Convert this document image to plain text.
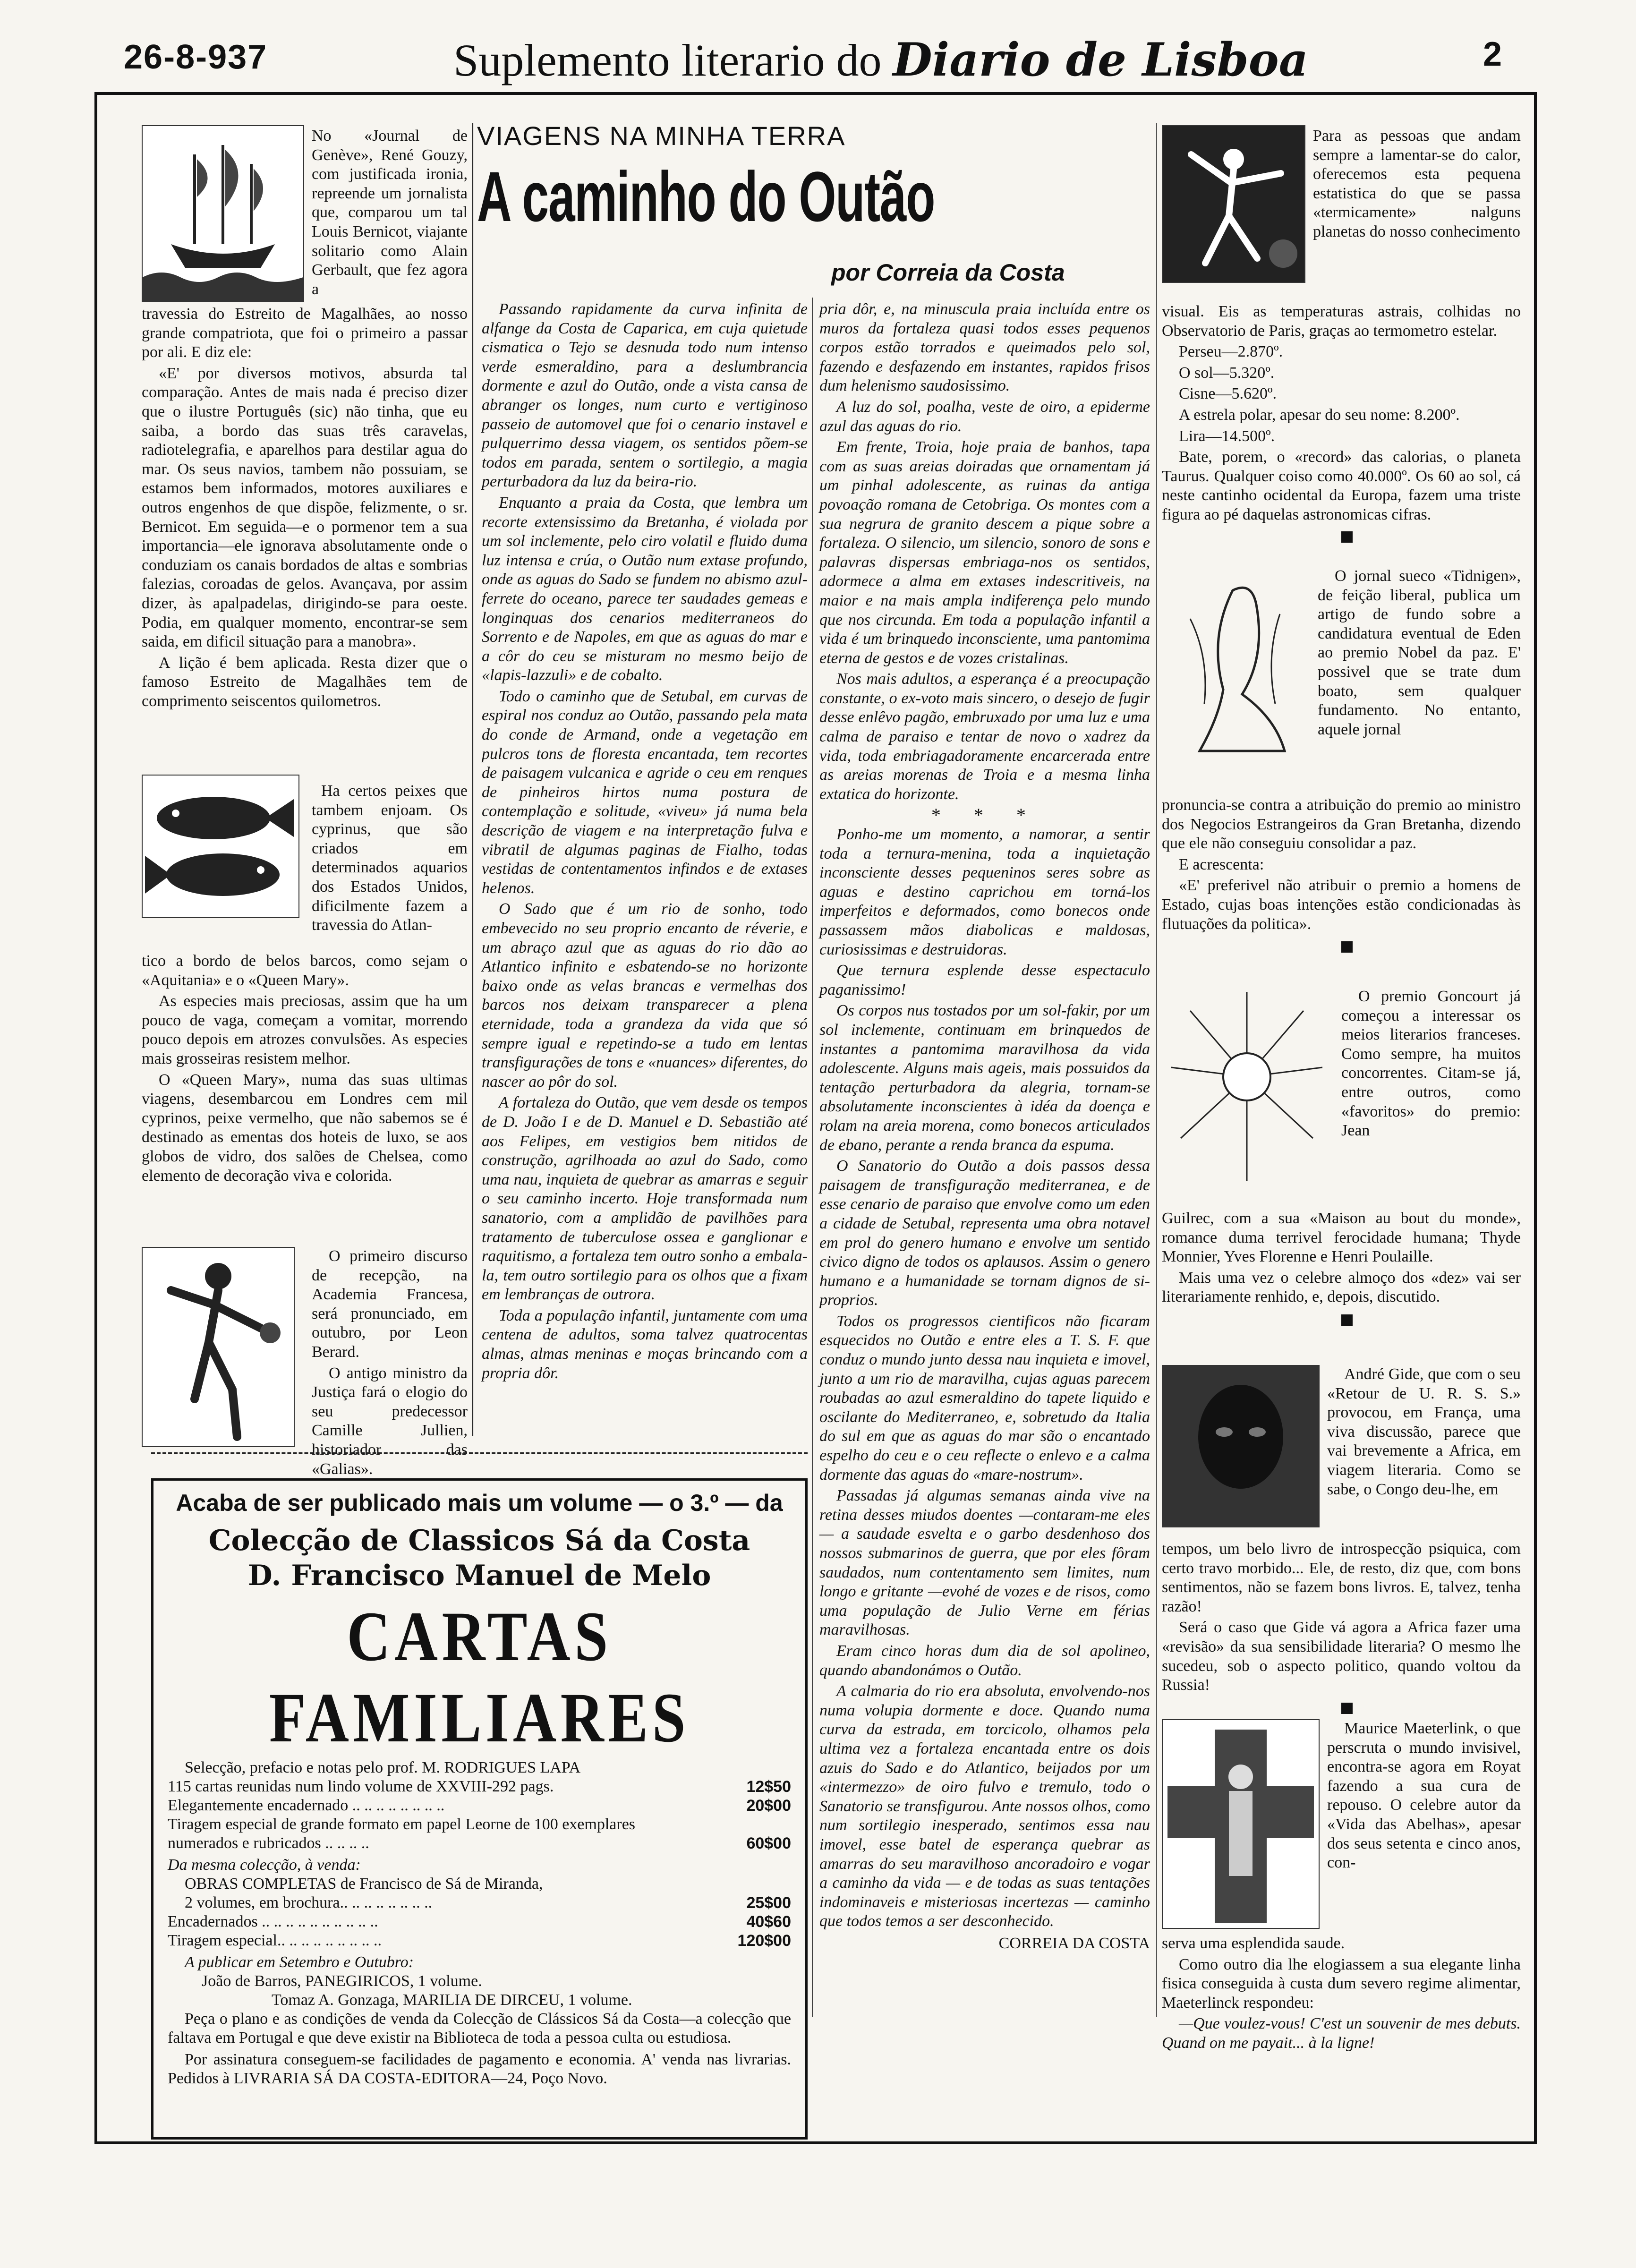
26-8-937	Suplemento literario do Diario de Lisboa	2

No «Journal de Genève», René Gouzy, com justificada ironia, repreende um jornalista que, comparou um tal Louis Bernicot, viajante solitario como Alain Gerbault, que fez agora a

travessia do Estreito de Magalhães, ao nosso grande compatriota, que foi o primeiro a passar por ali. E diz ele:

«E' por diversos motivos, absurda tal comparação. Antes de mais nada é preciso dizer que o ilustre Português (sic) não tinha, que eu saiba, a bordo das suas três caravelas, radiotelegrafia, e aparelhos para destilar agua do mar. Os seus navios, tambem não possuiam, se estamos bem informados, motores auxiliares e outros engenhos de que dispõe, felizmente, o sr. Bernicot. Em seguida—e o pormenor tem a sua importancia—ele ignorava absolutamente onde o conduziam os canais bordados de altas e sombrias falezias, coroadas de gelos. Avançava, por assim dizer, às apalpadelas, dirigindo-se para oeste. Podia, em qualquer momento, encontrar-se sem saida, em dificil situação para a manobra».

A lição é bem aplicada. Resta dizer que o famoso Estreito de Magalhães tem de comprimento seiscentos quilometros.

Ha certos peixes que tambem enjoam. Os cyprinus, que são criados em determinados aquarios dos Estados Unidos, dificilmente fazem a travessia do Atlan-

tico a bordo de belos barcos, como sejam o «Aquitania» e o «Queen Mary».

As especies mais preciosas, assim que ha um pouco de vaga, começam a vomitar, morrendo pouco depois em atrozes convulsões. As especies mais grosseiras resistem melhor.

O «Queen Mary», numa das suas ultimas viagens, desembarcou em Londres cem mil cyprinos, peixe vermelho, que não sabemos se é destinado as ementas dos hoteis de luxo, se aos globos de vidro, dos salões de Chelsea, como elemento de decoração viva e colorida.

O primeiro discurso de recepção, na Academia Francesa, será pronunciado, em outubro, por Leon Berard.

O antigo ministro da Justiça fará o elogio do seu predecessor Camille Jullien, historiador das «Galias».

VIAGENS NA MINHA TERRA
A caminho do Outão
por Correia da Costa

Passando rapidamente da curva infinita de alfange da Costa de Caparica, em cuja quietude cismatica o Tejo se desnuda todo num intenso verde esmeraldino, para a deslumbrancia dormente e azul do Outão, onde a vista cansa de abranger os longes, num curto e vertiginoso passeio de automovel que foi o cenario instavel e pulquerrimo dessa viagem, os sentidos põem-se todos em parada, sentem o sortilegio, a magia perturbadora da luz da beira-rio.

Enquanto a praia da Costa, que lembra um recorte extensissimo da Bretanha, é violada por um sol inclemente, pelo ciro volatil e fluido duma luz intensa e crúa, o Outão num extase profundo, onde as aguas do Sado se fundem no abismo azul-ferrete do oceano, parece ter saudades gemeas e longinquas dos cenarios mediterraneos do Sorrento e de Napoles, em que as aguas do mar e a côr do ceu se misturam no mesmo beijo de «lapis-lazzuli» e de cobalto.

Todo o caminho que de Setubal, em curvas de espiral nos conduz ao Outão, passando pela mata do conde de Armand, onde a vegetação em pulcros tons de floresta encantada, tem recortes de paisagem vulcanica e agride o ceu em renques de pinheiros hirtos numa postura de contemplação e solitude, «viveu» já numa bela descrição de viagem e na interpretação fulva e vibratil de algumas paginas de Fialho, todas vestidas de contentamentos infindos e de extases helenos.

O Sado que é um rio de sonho, todo embevecido no seu proprio encanto de réverie, e um abraço azul que as aguas do rio dão ao Atlantico infinito e esbatendo-se no horizonte baixo onde as velas brancas e vermelhas dos barcos nos deixam transparecer a plena eternidade, toda a grandeza da vida que só sempre igual e repetindo-se a tudo em lentas transfigurações de tons e «nuances» diferentes, do nascer ao pôr do sol.

A fortaleza do Outão, que vem desde os tempos de D. João I e de D. Manuel e D. Sebastião até aos Felipes, em vestigios bem nitidos de construção, agrilhoada ao azul do Sado, como uma nau, inquieta de quebrar as amarras e seguir o seu caminho incerto. Hoje transformada num sanatorio, com a amplidão de pavilhões para tratamento de tuberculose ossea e ganglionar e raquitismo, a fortaleza tem outro sonho a embala-la, tem outro sortilegio para os olhos que a fixam em lembranças de outrora.

Toda a população infantil, juntamente com uma centena de adultos, soma talvez quatrocentas almas, almas meninas e moças brincando com a propria dôr.

pria dôr, e, na minuscula praia incluída entre os muros da fortaleza quasi todos esses pequenos corpos estão torrados e queimados pelo sol, fazendo e desfazendo em instantes, rapidos frisos dum helenismo saudosissimo.

A luz do sol, poalha, veste de oiro, a epiderme azul das aguas do rio.

Em frente, Troia, hoje praia de banhos, tapa com as suas areias doiradas que ornamentam já um pinhal adolescente, as ruinas da antiga povoação romana de Cetobriga. Os montes com a sua negrura de granito descem a pique sobre a fortaleza. O silencio, um silencio, sonoro de sons e palavras dispersas embriaga-nos os sentidos, adormece a alma em extases indescritiveis, na maior e na mais ampla indiferença pelo mundo que nos circunda. Em toda a população infantil a vida é um brinquedo inconsciente, uma pantomima eterna de gestos e de vozes cristalinas.

Nos mais adultos, a esperança é a preocupação constante, o ex-voto mais sincero, o desejo de fugir desse enlêvo pagão, embruxado por uma luz e uma calma de paraiso e tentar de novo o xadrez da vida, toda embriagadoramente encarcerada entre as areias morenas de Troia e a mesma linha extatica do horizonte.

* * *

Ponho-me um momento, a namorar, a sentir toda a ternura-menina, toda a inquietação inconsciente desses pequeninos seres sobre as aguas e destino caprichou em torná-los imperfeitos e deformados, como bonecos onde passassem mãos diabolicas e maldosas, curiosissimas e destruidoras.

Que ternura esplende desse espectaculo paganissimo!

Os corpos nus tostados por um sol-fakir, por um sol inclemente, continuam em brinquedos de instantes a pantomima maravilhosa da vida adolescente. Alguns mais ageis, mais possuidos da tentação perturbadora da alegria, tornam-se absolutamente inconscientes à idéa da doença e rolam na areia morena, como bonecos articulados de ebano, perante a renda branca da espuma.

O Sanatorio do Outão a dois passos dessa paisagem de transfiguração mediterranea, e de esse cenario de paraiso que envolve como um eden a cidade de Setubal, representa uma obra notavel em prol do genero humano e envolve um sentido civico digno de todos os aplausos. Assim o genero humano e a humanidade se tornam dignos de si-proprios.

Todos os progressos cientificos não ficaram esquecidos no Outão e entre eles a T. S. F. que conduz o mundo junto dessa nau inquieta e imovel, junto a um rio de maravilha, cujas aguas parecem roubadas ao azul esmeraldino do tapete liquido e oscilante do Mediterraneo, e, sobretudo da Italia do sul em que as aguas do mar são o encantado espelho do ceu e o ceu reflecte o enlevo e a calma dormente das aguas do «mare-nostrum».

Passadas já algumas semanas ainda vive na retina desses miudos doentes —contaram-me eles— a saudade esvelta e o garbo desdenhoso dos nossos submarinos de guerra, que por eles fôram saudados, num contentamento sem limites, num longo e gritante —evohé de vozes e de risos, como uma população de Julio Verne em férias maravilhosas.

Eram cinco horas dum dia de sol apolineo, quando abandonámos o Outão.

A calmaria do rio era absoluta, envolvendo-nos numa volupia dormente e doce. Quando numa curva da estrada, em torcicolo, olhamos pela ultima vez a fortaleza encantada entre os dois azuis do Sado e do Atlantico, beijados por um «intermezzo» de oiro fulvo e tremulo, todo o Sanatorio se transfigurou. Ante nossos olhos, como num sortilegio inesperado, sentimos essa nau imovel, esse batel de esperança quebrar as amarras do seu maravilhoso ancoradoiro e vogar a caminho da vida — e de todas as suas tentações indominaveis e misteriosas incertezas — caminho que todos temos a ser desconhecido.

CORREIA DA COSTA

Para as pessoas que andam sempre a lamentar-se do calor, oferecemos esta pequena estatistica do que se passa «termicamente» nalguns planetas do nosso conhecimento

visual. Eis as temperaturas astrais, colhidas no Observatorio de Paris, graças ao termometro estelar.

Perseu—2.870º.

O sol—5.320º.

Cisne—5.620º.

A estrela polar, apesar do seu nome: 8.200º.

Lira—14.500º.

Bate, porem, o «record» das calorias, o planeta Taurus. Qualquer coiso como 40.000º. Os 60 ao sol, cá neste cantinho ocidental da Europa, fazem uma triste figura ao pé daquelas astronomicas cifras.

O jornal sueco «Tidnigen», de feição liberal, publica um artigo de fundo sobre a candidatura eventual de Eden ao premio Nobel da paz. E' possivel que se trate dum boato, sem qualquer fundamento. No entanto, aquele jornal

pronuncia-se contra a atribuição do premio ao ministro dos Negocios Estrangeiros da Gran Bretanha, dizendo que ele não conseguiu consolidar a paz.

E acrescenta:

«E' preferivel não atribuir o premio a homens de Estado, cujas boas intenções estão condicionadas às flutuações da politica».

O premio Goncourt já começou a interessar os meios literarios franceses. Como sempre, ha muitos concorrentes. Citam-se já, entre outros, como «favoritos» do premio: Jean

Guilrec, com a sua «Maison au bout du monde», romance duma terrivel ferocidade humana; Thyde Monnier, Yves Florenne e Henri Poulaille.

Mais uma vez o celebre almoço dos «dez» vai ser literariamente renhido, e, depois, discutido.

André Gide, que com o seu «Retour de U. R. S. S.» provocou, em França, uma viva discussão, parece que vai brevemente a Africa, em viagem literaria. Como se sabe, o Congo deu-lhe, em

tempos, um belo livro de introspecção psiquica, com certo travo morbido... Ele, de resto, diz que, com bons sentimentos, não se fazem bons livros. E, talvez, tenha razão!

Será o caso que Gide vá agora a Africa fazer uma «revisão» da sua sensibilidade literaria? O mesmo lhe sucedeu, sob o aspecto politico, quando voltou da Russia!

Maurice Maeterlink, o que perscruta o mundo invisivel, encontra-se agora em Royat fazendo a sua cura de repouso. O celebre autor da «Vida das Abelhas», apesar dos seus setenta e cinco anos, con-

serva uma esplendida saude.

Como outro dia lhe elogiassem a sua elegante linha fisica conseguida à custa dum severo regime alimentar, Maeterlinck respondeu:

—Que voulez-vous! C'est un souvenir de mes debuts. Quand on me payait... à la ligne!

Acaba de ser publicado mais um volume — o 3.º — da
Colecção de Classicos Sá da Costa
D. Francisco Manuel de Melo
CARTAS FAMILIARES
Selecção, prefacio e notas pelo prof. M. RODRIGUES LAPA
115 cartas reunidas num lindo volume de XXVIII-292 pags.	12$50
Elegantemente encadernado .. .. .. .. .. .. .. ..	20$00
Tiragem especial de grande formato em papel Leorne de 100 exemplares numerados e rubricados .. .. .. ..	60$00
Da mesma colecção, à venda:
OBRAS COMPLETAS de Francisco de Sá de Miranda,
2 volumes, em brochura.. .. .. .. .. .. .. ..	25$00
Encadernados .. .. .. .. .. .. .. .. .. ..	40$60
Tiragem especial.. .. .. .. .. .. .. .. ..	120$00
A publicar em Setembro e Outubro:
João de Barros, PANEGIRICOS, 1 volume.
Tomaz A. Gonzaga, MARILIA DE DIRCEU, 1 volume.
Peça o plano e as condições de venda da Colecção de Clássicos Sá da Costa—a colecção que faltava em Portugal e que deve existir na Biblioteca de toda a pessoa culta ou estudiosa.
Por assinatura conseguem-se facilidades de pagamento e economia. A' venda nas livrarias. Pedidos à LIVRARIA SÁ DA COSTA-EDITORA—24, Poço Novo.
